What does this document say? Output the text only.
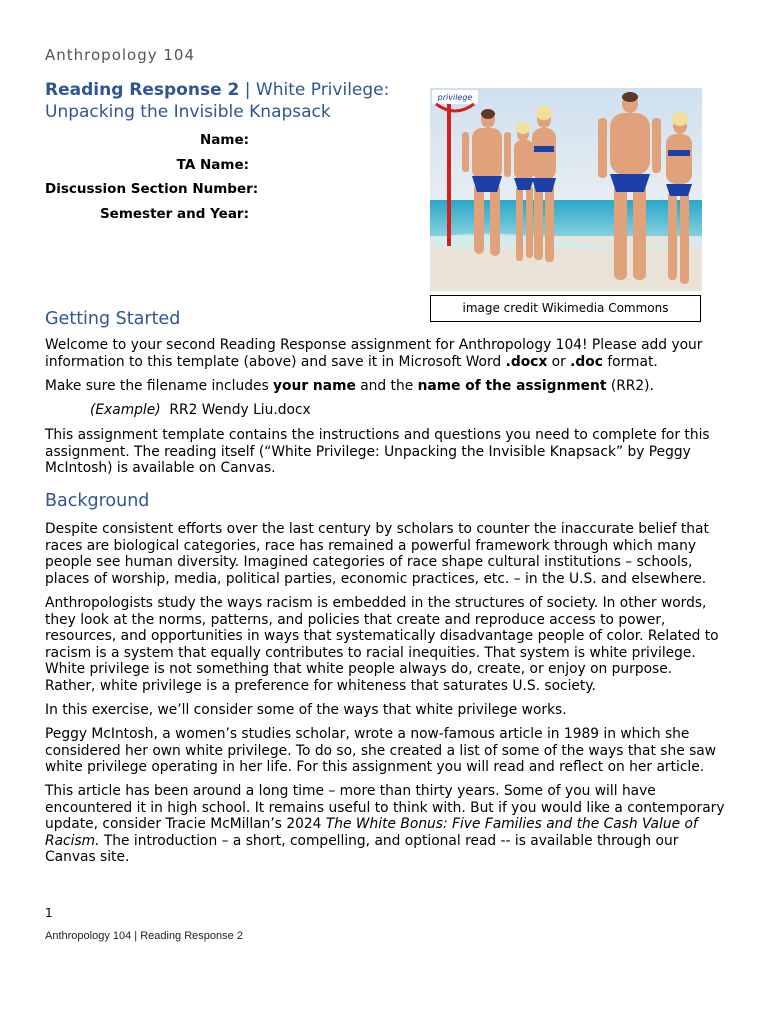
Anthropology 104
Reading Response 2 | White Privilege: Unpacking the Invisible Knapsack
Name:
TA Name:
Discussion Section Number:
Semester and Year:
privilege
image credit Wikimedia Commons
Getting Started
Welcome to your second Reading Response assignment for Anthropology 104! Please add your information to this template (above) and save it in Microsoft Word .docx or .doc format.
Make sure the filename includes your name and the name of the assignment (RR2).
(Example)  RR2 Wendy Liu.docx
This assignment template contains the instructions and questions you need to complete for this assignment. The reading itself (“White Privilege: Unpacking the Invisible Knapsack” by Peggy McIntosh) is available on Canvas.
Background
Despite consistent efforts over the last century by scholars to counter the inaccurate belief that races are biological categories, race has remained a powerful framework through which many people see human diversity. Imagined categories of race shape cultural institutions – schools, places of worship, media, political parties, economic practices, etc. – in the U.S. and elsewhere.
Anthropologists study the ways racism is embedded in the structures of society. In other words, they look at the norms, patterns, and policies that create and reproduce access to power, resources, and opportunities in ways that systematically disadvantage people of color. Related to racism is a system that equally contributes to racial inequities. That system is white privilege. White privilege is not something that white people always do, create, or enjoy on purpose. Rather, white privilege is a preference for whiteness that saturates U.S. society.
In this exercise, we’ll consider some of the ways that white privilege works.
Peggy McIntosh, a women’s studies scholar, wrote a now-famous article in 1989 in which she considered her own white privilege. To do so, she created a list of some of the ways that she saw white privilege operating in her life. For this assignment you will read and reflect on her article.
This article has been around a long time – more than thirty years. Some of you will have encountered it in high school. It remains useful to think with. But if you would like a contemporary update, consider Tracie McMillan’s 2024 The White Bonus: Five Families and the Cash Value of Racism. The introduction – a short, compelling, and optional read -- is available through our Canvas site.
1
Anthropology 104 | Reading Response 2
